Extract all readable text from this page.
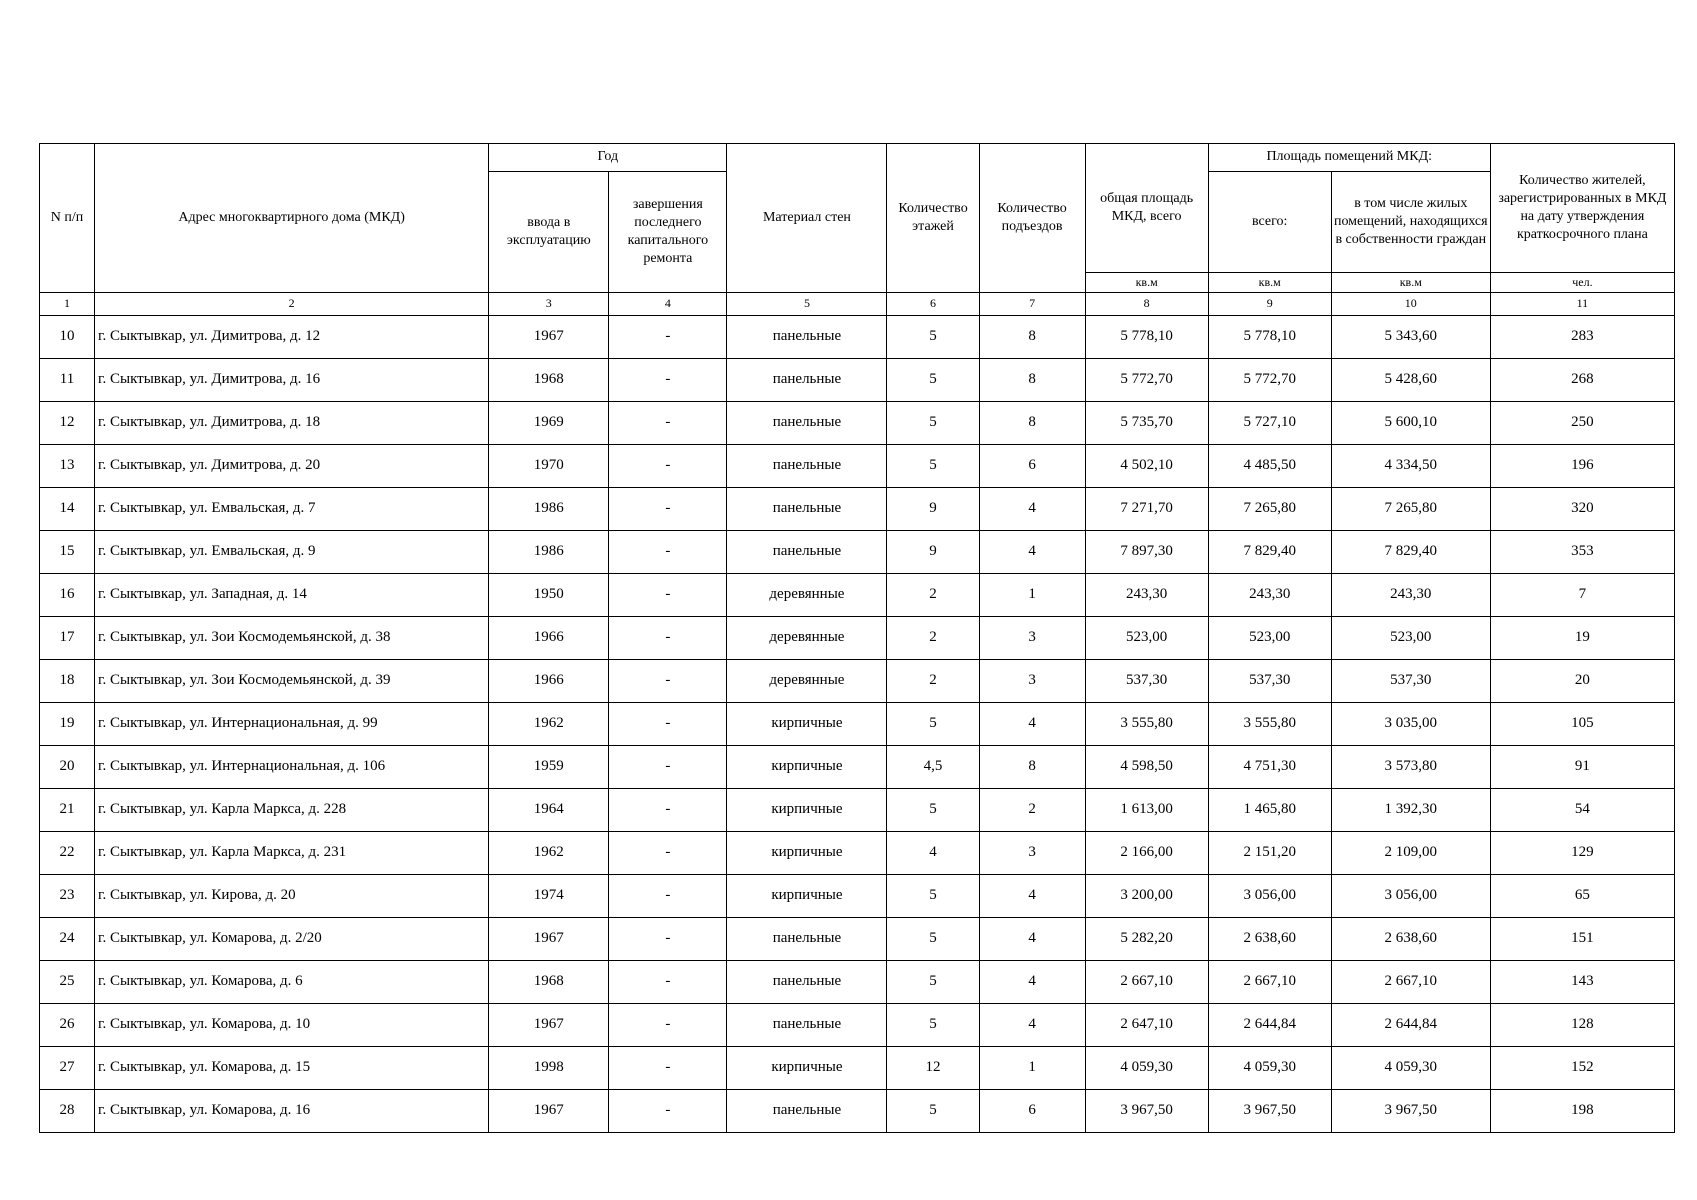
N п/п	Адрес многоквартирного дома (МКД)	Год		Материал стен	Количество этажей	Количество подъездов	общая площадь МКД, всего	Площадь помещений МКД:		Количество жителей, зарегистрированных в МКД на дату утверждения краткосрочного плана
		ввода в эксплуатацию	завершения последнего капитального ремонта					всего:	в том числе жилых помещений, находящихся в собственности граждан	
							кв.м	кв.м	кв.м	чел.
1	2	3	4	5	6	7	8	9	10	11
10	г. Сыктывкар, ул. Димитрова, д. 12	1967	-	панельные	5	8	5 778,10	5 778,10	5 343,60	283
11	г. Сыктывкар, ул. Димитрова, д. 16	1968	-	панельные	5	8	5 772,70	5 772,70	5 428,60	268
12	г. Сыктывкар, ул. Димитрова, д. 18	1969	-	панельные	5	8	5 735,70	5 727,10	5 600,10	250
13	г. Сыктывкар, ул. Димитрова, д. 20	1970	-	панельные	5	6	4 502,10	4 485,50	4 334,50	196
14	г. Сыктывкар, ул. Емвальская, д. 7	1986	-	панельные	9	4	7 271,70	7 265,80	7 265,80	320
15	г. Сыктывкар, ул. Емвальская, д. 9	1986	-	панельные	9	4	7 897,30	7 829,40	7 829,40	353
16	г. Сыктывкар, ул. Западная, д. 14	1950	-	деревянные	2	1	243,30	243,30	243,30	7
17	г. Сыктывкар, ул. Зои Космодемьянской, д. 38	1966	-	деревянные	2	3	523,00	523,00	523,00	19
18	г. Сыктывкар, ул. Зои Космодемьянской, д. 39	1966	-	деревянные	2	3	537,30	537,30	537,30	20
19	г. Сыктывкар, ул. Интернациональная, д. 99	1962	-	кирпичные	5	4	3 555,80	3 555,80	3 035,00	105
20	г. Сыктывкар, ул. Интернациональная, д. 106	1959	-	кирпичные	4,5	8	4 598,50	4 751,30	3 573,80	91
21	г. Сыктывкар, ул. Карла Маркса, д. 228	1964	-	кирпичные	5	2	1 613,00	1 465,80	1 392,30	54
22	г. Сыктывкар, ул. Карла Маркса, д. 231	1962	-	кирпичные	4	3	2 166,00	2 151,20	2 109,00	129
23	г. Сыктывкар, ул. Кирова, д. 20	1974	-	кирпичные	5	4	3 200,00	3 056,00	3 056,00	65
24	г. Сыктывкар, ул. Комарова, д. 2/20	1967	-	панельные	5	4	5 282,20	2 638,60	2 638,60	151
25	г. Сыктывкар, ул. Комарова, д. 6	1968	-	панельные	5	4	2 667,10	2 667,10	2 667,10	143
26	г. Сыктывкар, ул. Комарова, д. 10	1967	-	панельные	5	4	2 647,10	2 644,84	2 644,84	128
27	г. Сыктывкар, ул. Комарова, д. 15	1998	-	кирпичные	12	1	4 059,30	4 059,30	4 059,30	152
28	г. Сыктывкар, ул. Комарова, д. 16	1967	-	панельные	5	6	3 967,50	3 967,50	3 967,50	198
